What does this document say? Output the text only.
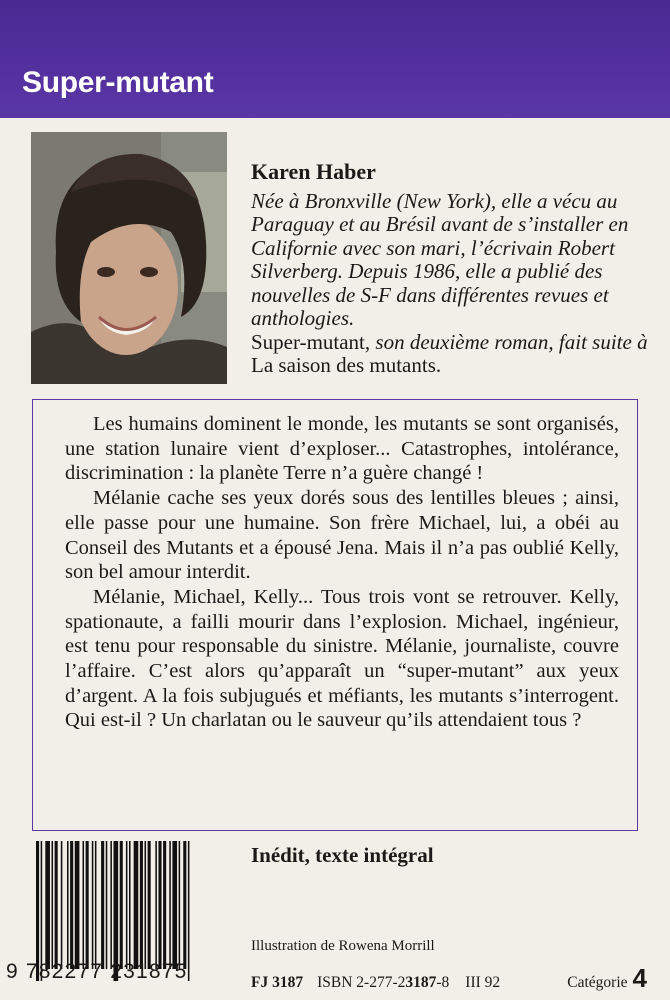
Super-mutant
Karen Haber
Née à Bronxville (New York), elle a vécu au Paraguay et au Brésil avant de s’installer en Californie avec son mari, l’écrivain Robert Silverberg. Depuis 1986, elle a publié des nouvelles de S-F dans différentes revues et anthologies.
Super-mutant, son deuxième roman, fait suite à La saison des mutants.

Les humains dominent le monde, les mutants se sont organisés, une station lunaire vient d’exploser... Catastrophes, intolérance, discrimination : la planète Terre n’a guère changé !

Mélanie cache ses yeux dorés sous des lentilles bleues ; ainsi, elle passe pour une humaine. Son frère Michael, lui, a obéi au Conseil des Mutants et a épousé Jena. Mais il n’a pas oublié Kelly, son bel amour interdit.

Mélanie, Michael, Kelly... Tous trois vont se retrouver. Kelly, spationaute, a failli mourir dans l’explosion. Michael, ingénieur, est tenu pour responsable du sinistre. Mélanie, journaliste, couvre l’affaire. C’est alors qu’apparaît un “super-mutant” aux yeux d’argent. A la fois subjugués et méfiants, les mutants s’interrogent. Qui est-il ? Un charlatan ou le sauveur qu’ils attendaient tous ?

9 782277 231875
Inédit, texte intégral
Illustration de Rowena Morrill
FJ 3187 ISBN 2-277-23187-8 III 92	Catégorie 4
